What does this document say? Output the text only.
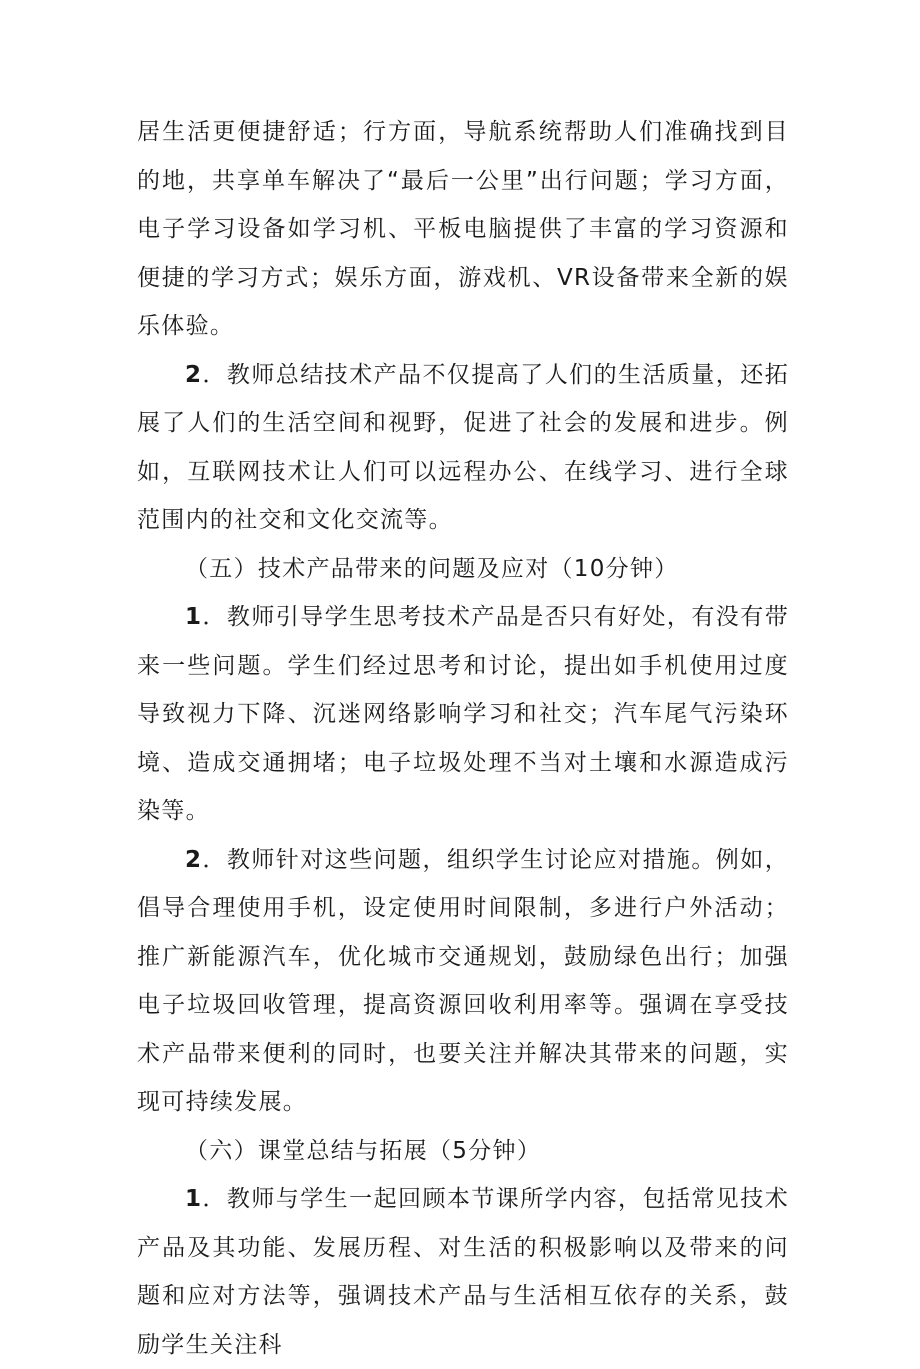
居生活更便捷舒适；行方面，导航系统帮助人们准确找到目的地，共享单车解决了“最后一公里”出行问题；学习方面，电子学习设备如学习机、平板电脑提供了丰富的学习资源和便捷的学习方式；娱乐方面，游戏机、VR设备带来全新的娱乐体验。

2．教师总结技术产品不仅提高了人们的生活质量，还拓展了人们的生活空间和视野，促进了社会的发展和进步。例如，互联网技术让人们可以远程办公、在线学习、进行全球范围内的社交和文化交流等。

（五）技术产品带来的问题及应对（10分钟）

1．教师引导学生思考技术产品是否只有好处，有没有带来一些问题。学生们经过思考和讨论，提出如手机使用过度导致视力下降、沉迷网络影响学习和社交；汽车尾气污染环境、造成交通拥堵；电子垃圾处理不当对土壤和水源造成污染等。

2．教师针对这些问题，组织学生讨论应对措施。例如，倡导合理使用手机，设定使用时间限制，多进行户外活动；推广新能源汽车，优化城市交通规划，鼓励绿色出行；加强电子垃圾回收管理，提高资源回收利用率等。强调在享受技术产品带来便利的同时，也要关注并解决其带来的问题，实现可持续发展。

（六）课堂总结与拓展（5分钟）

1．教师与学生一起回顾本节课所学内容，包括常见技术产品及其功能、发展历程、对生活的积极影响以及带来的问题和应对方法等，强调技术产品与生活相互依存的关系，鼓励学生关注科
